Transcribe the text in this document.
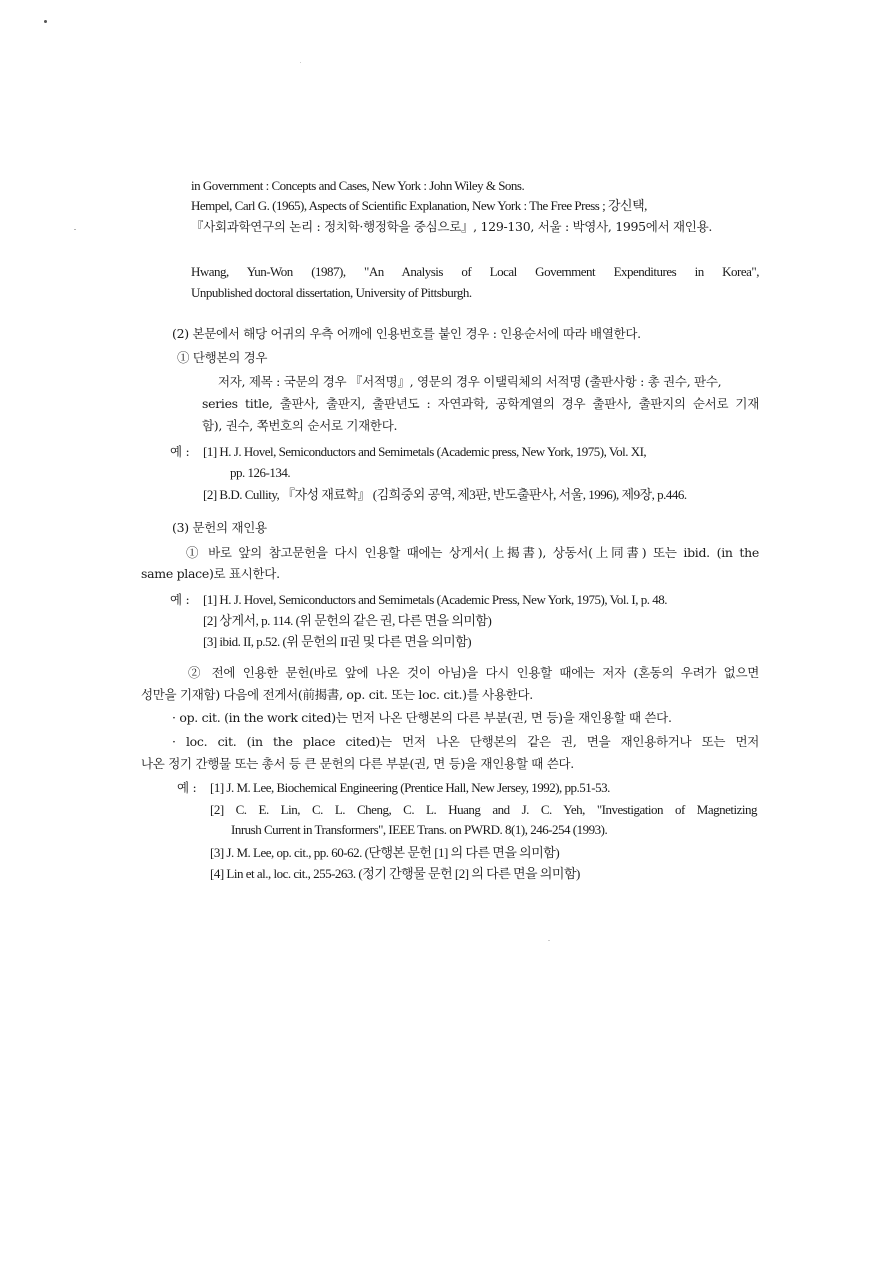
in Government : Concepts and Cases, New York : John Wiley & Sons.
Hempel, Carl G. (1965), Aspects of Scientific Explanation, New York : The Free Press ; 강신택,
『사회과학연구의 논리 : 정치학·행정학을 중심으로』, 129-130, 서울 : 박영사, 1995에서 재인용.
Hwang, Yun-Won (1987), "An Analysis of Local Government Expenditures in Korea",
Unpublished doctoral dissertation, University of Pittsburgh.
(2) 본문에서 해당 어귀의 우측 어깨에 인용번호를 붙인 경우 : 인용순서에 따라 배열한다.
① 단행본의 경우
저자, 제목 : 국문의 경우 『서적명』, 영문의 경우 이탤릭체의 서적명 (출판사항 : 총 권수, 판수,
series title, 출판사, 출판지, 출판년도 : 자연과학, 공학계열의 경우 출판사, 출판지의 순서로 기재
함), 권수, 쪽번호의 순서로 기재한다.
예 : [1] H. J. Hovel, Semiconductors and Semimetals (Academic press, New York, 1975), Vol. XI,
pp. 126-134.
[2] B.D. Cullity, 『자성 재료학』 (김희중외 공역, 제3판, 반도출판사, 서울, 1996), 제9장, p.446.
(3) 문헌의 재인용
① 바로 앞의 참고문헌을 다시 인용할 때에는 상게서(上揭書), 상동서(上同書) 또는 ibid. (in the
same place)로 표시한다.
예 : [1] H. J. Hovel, Semiconductors and Semimetals (Academic Press, New York, 1975), Vol. I, p. 48.
[2] 상게서, p. 114. (위 문헌의 같은 권, 다른 면을 의미함)
[3] ibid. II, p.52. (위 문헌의 II권 및 다른 면을 의미함)
② 전에 인용한 문헌(바로 앞에 나온 것이 아님)을 다시 인용할 때에는 저자 (혼동의 우려가 없으면
성만을 기재함) 다음에 전게서(前揭書, op. cit. 또는 loc. cit.)를 사용한다.
· op. cit. (in the work cited)는 먼저 나온 단행본의 다른 부분(권, 면 등)을 재인용할 때 쓴다.
· loc. cit. (in the place cited)는 먼저 나온 단행본의 같은 권, 면을 재인용하거나 또는 먼저
나온 정기 간행물 또는 총서 등 큰 문헌의 다른 부분(권, 면 등)을 재인용할 때 쓴다.
예 : [1] J. M. Lee, Biochemical Engineering (Prentice Hall, New Jersey, 1992), pp.51-53.
[2] C. E. Lin, C. L. Cheng, C. L. Huang and J. C. Yeh, "Investigation of Magnetizing
Inrush Current in Transformers", IEEE Trans. on PWRD. 8(1), 246-254 (1993).
[3] J. M. Lee, op. cit., pp. 60-62. (단행본 문헌 [1] 의 다른 면을 의미함)
[4] Lin et al., loc. cit., 255-263. (정기 간행물 문헌 [2] 의 다른 면을 의미함)
